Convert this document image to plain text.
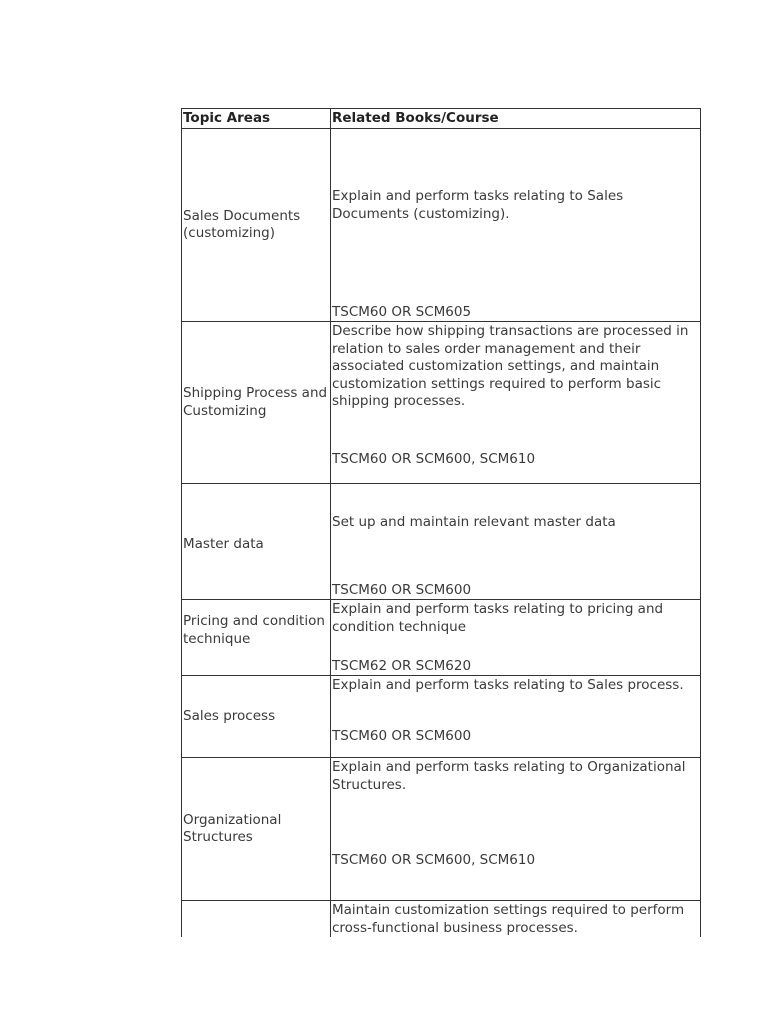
Topic Areas	Related Books/Course
Sales Documents (customizing)
Explain and perform tasks relating to Sales Documents (customizing).
TSCM60 OR SCM605
Shipping Process and Customizing
Describe how shipping transactions are processed in relation to sales order management and their associated customization settings, and maintain customization settings required to perform basic shipping processes.
TSCM60 OR SCM600, SCM610
Master data
Set up and maintain relevant master data
TSCM60 OR SCM600
Pricing and condition technique
Explain and perform tasks relating to pricing and condition technique
TSCM62 OR SCM620
Sales process
Explain and perform tasks relating to Sales process.
TSCM60 OR SCM600
Organizational Structures
Explain and perform tasks relating to Organizational Structures.
TSCM60 OR SCM600, SCM610
Maintain customization settings required to perform cross-functional business processes.
